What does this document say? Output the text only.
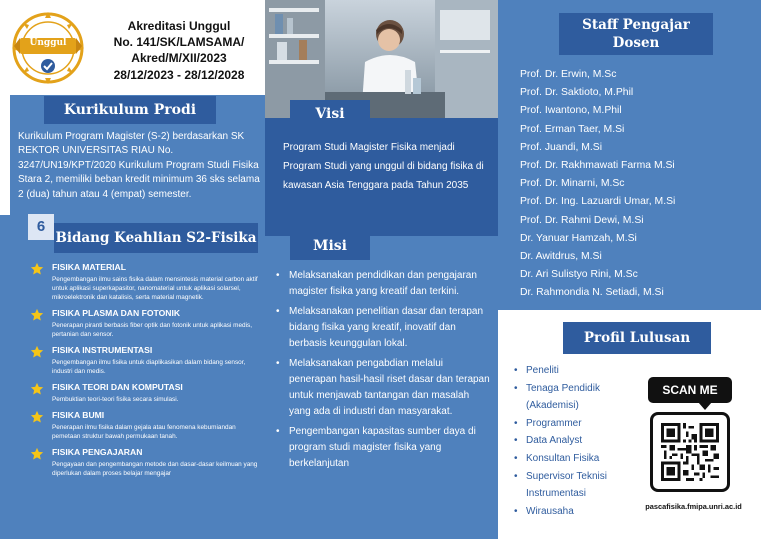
Unggul
Akreditasi Unggul
No. 141/SK/LAMSAMA/
Akred/M/XII/2023
28/12/2023 - 28/12/2028
Kurikulum Prodi
Kurikulum Program Magister (S-2) berdasarkan SK REKTOR UNIVERSITAS RIAU No. 3247/UN19/KPT/2020 Kurikulum Program Studi Fisika Stara 2, memiliki beban kredit minimum 36 sks selama 2 (dua) tahun atau 4 (empat) semester.
6
Bidang Keahlian S2-Fisika
FISIKA MATERIAL
Pengembangan ilmu sains fisika dalam mensintesis material carbon aktif untuk aplikasi superkapasitor, nanomaterial untuk aplikasi solarsel, mikroelektronik dan katalisis, serta material magnetik.
FISIKA PLASMA DAN FOTONIK
Penerapan piranti berbasis fiber optik dan fotonik untuk aplikasi medis, pertanian dan sensor.
FISIKA INSTRUMENTASI
Pengembangan ilmu fisika untuk diaplikasikan dalam bidang sensor, industri dan medis.
FISIKA TEORI DAN KOMPUTASI
Pembuktian teori-teori fisika secara simulasi.
FISIKA BUMI
Penerapan ilmu fisika dalam gejala atau fenomena kebumiandan pemetaan struktur bawah permukaan tanah.
FISIKA PENGAJARAN
Pengayaan dan pengembangan metode dan dasar-dasar keilmuan yang diperlukan dalam proses belajar mengajar
Visi
Program Studi Magister Fisika menjadi Program Studi yang unggul di bidang fisika di kawasan Asia Tenggara pada Tahun 2035
Misi
• Melaksanakan pendidikan dan pengajaran magister fisika yang kreatif dan terkini.
• Melaksanakan penelitian dasar dan terapan bidang fisika yang kreatif, inovatif dan berbasis keunggulan lokal.
• Melaksanakan pengabdian melalui penerapan hasil-hasil riset dasar dan terapan untuk menjawab tantangan dan masalah yang ada di industri dan masyarakat.
• Pengembangan kapasitas sumber daya di program studi magister fisika yang berkelanjutan
Staff Pengajar
Dosen
Prof. Dr. Erwin, M.Sc
Prof. Dr. Saktioto, M.Phil
Prof. Iwantono, M.Phil
Prof. Erman Taer, M.Si
Prof. Juandi, M.Si
Prof. Dr. Rakhmawati Farma M.Si
Prof. Dr. Minarni, M.Sc
Prof. Dr. Ing. Lazuardi Umar, M.Si
Prof. Dr. Rahmi Dewi, M.Si
Dr. Yanuar Hamzah, M.Si
Dr. Awitdrus, M.Si
Dr. Ari Sulistyo Rini, M.Sc
Dr. Rahmondia N. Setiadi, M.Si
Profil Lulusan
• Peneliti
• Tenaga Pendidik (Akademisi)
• Programmer
• Data Analyst
• Konsultan Fisika
• Supervisor Teknisi Instrumentasi
• Wirausaha
SCAN ME
pascafisika.fmipa.unri.ac.id
